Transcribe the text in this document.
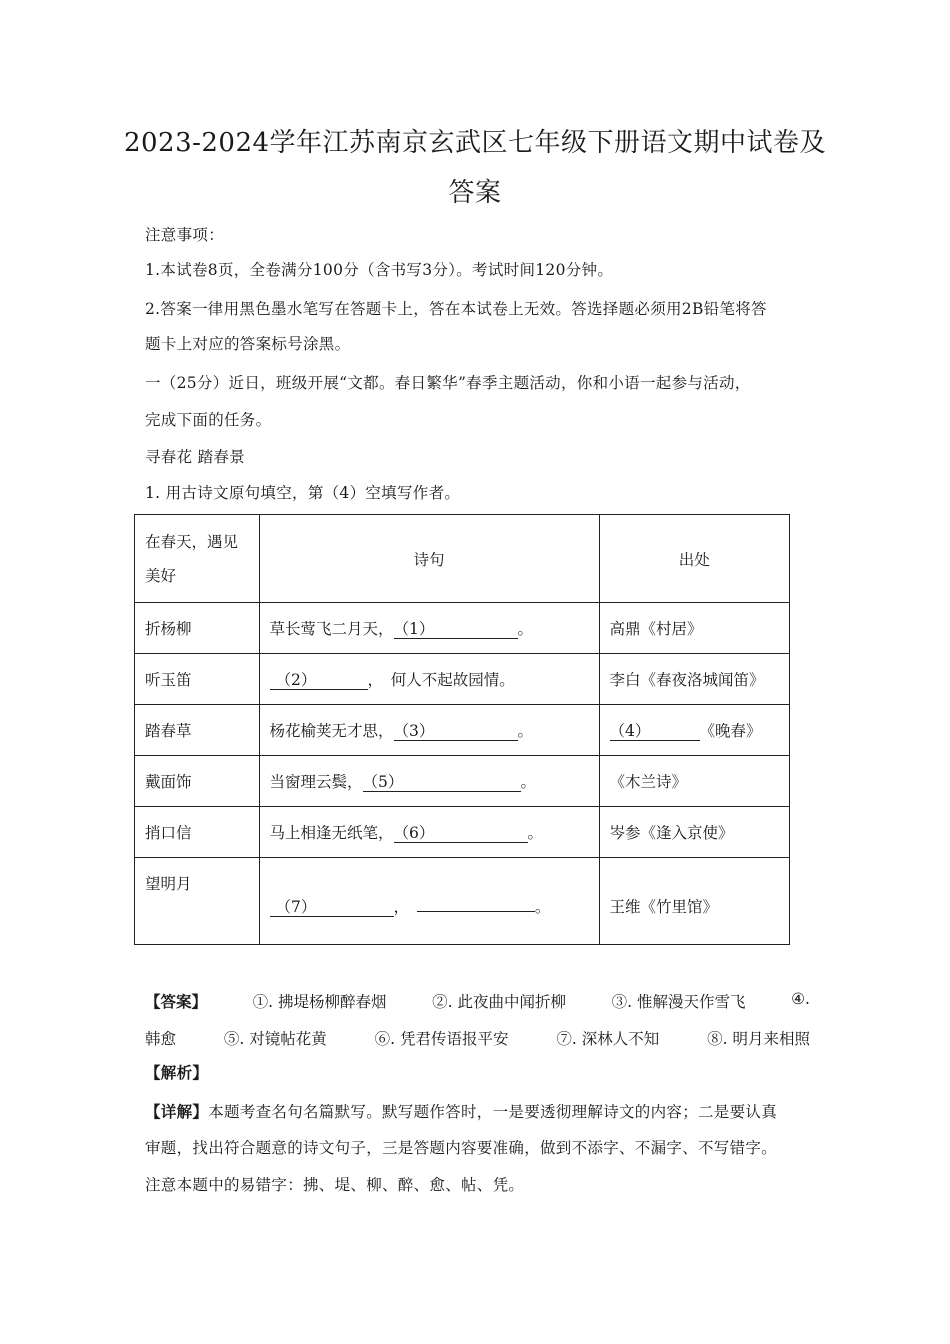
2023-2024学年江苏南京玄武区七年级下册语文期中试卷及
答案
注意事项：
1.本试卷8页，全卷满分100分（含书写3分）。考试时间120分钟。
2.答案一律用黑色墨水笔写在答题卡上，答在本试卷上无效。答选择题必须用2B铅笔将答
题卡上对应的答案标号涂黑。
一（25分）近日，班级开展“文都。春日繁华”春季主题活动，你和小语一起参与活动，
完成下面的任务。
寻春花 踏春景
1. 用古诗文原句填空，第（4）空填写作者。
在春天，遇见美好	诗句	出处
折杨柳	草长莺飞二月天，（1） 。	高鼎《村居》
听玉笛	（2） ，　何人不起故园情。	李白《春夜洛城闻笛》
踏春草	杨花榆荚无才思，（3） 。	（4） 《晚春》
戴面饰	当窗理云鬓，（5） 。	《木兰诗》
捎口信	马上相逢无纸笔，（6） 。	岑参《逢入京使》
望明月	（7） ，　 。	王维《竹里馆》
【答案】	①. 拂堤杨柳醉春烟	②. 此夜曲中闻折柳	③. 惟解漫天作雪飞	④.
韩愈	⑤. 对镜帖花黄	⑥. 凭君传语报平安	⑦. 深林人不知	⑧. 明月来相照
【解析】
【详解】本题考查名句名篇默写。默写题作答时，一是要透彻理解诗文的内容；二是要认真
审题，找出符合题意的诗文句子，三是答题内容要准确，做到不添字、不漏字、不写错字。
注意本题中的易错字：拂、堤、柳、醉、愈、帖、凭。
